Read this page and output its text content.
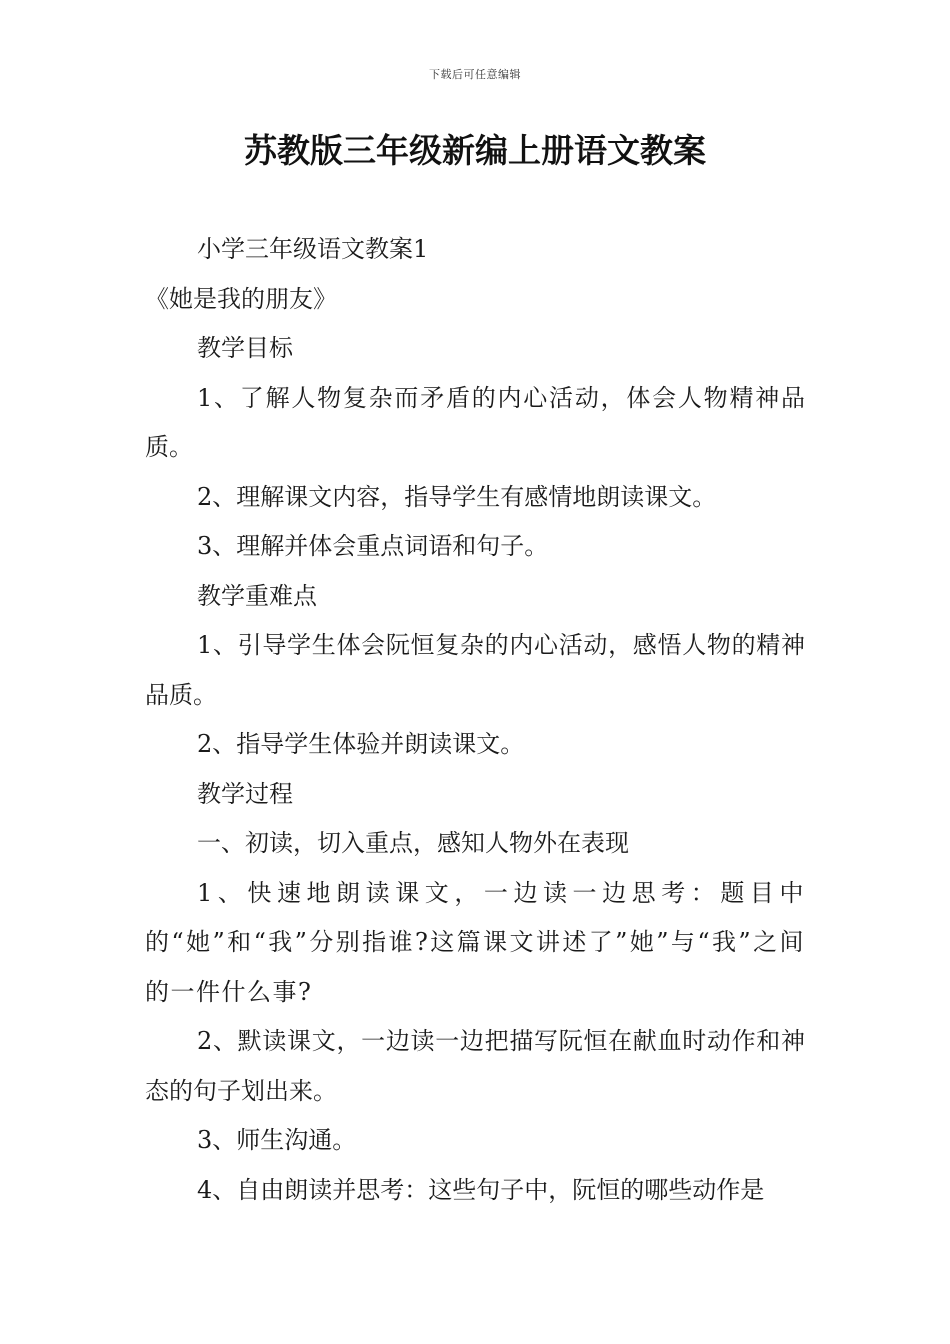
下载后可任意编辑
苏教版三年级新编上册语文教案

小学三年级语文教案1

《她是我的朋友》

教学目标

1、了解人物复杂而矛盾的内心活动，体会人物精神品质。

2、理解课文内容，指导学生有感情地朗读课文。

3、理解并体会重点词语和句子。

教学重难点

1、引导学生体会阮恒复杂的内心活动，感悟人物的精神品质。

2、指导学生体验并朗读课文。

教学过程

一、初读，切入重点，感知人物外在表现

1、快速地朗读课文，一边读一边思考：题目中的“她”和“我”分别指谁?这篇课文讲述了”她”与“我”之间的一件什么事?

2、默读课文，一边读一边把描写阮恒在献血时动作和神态的句子划出来。

3、师生沟通。

4、自由朗读并思考：这些句子中，阮恒的哪些动作是
